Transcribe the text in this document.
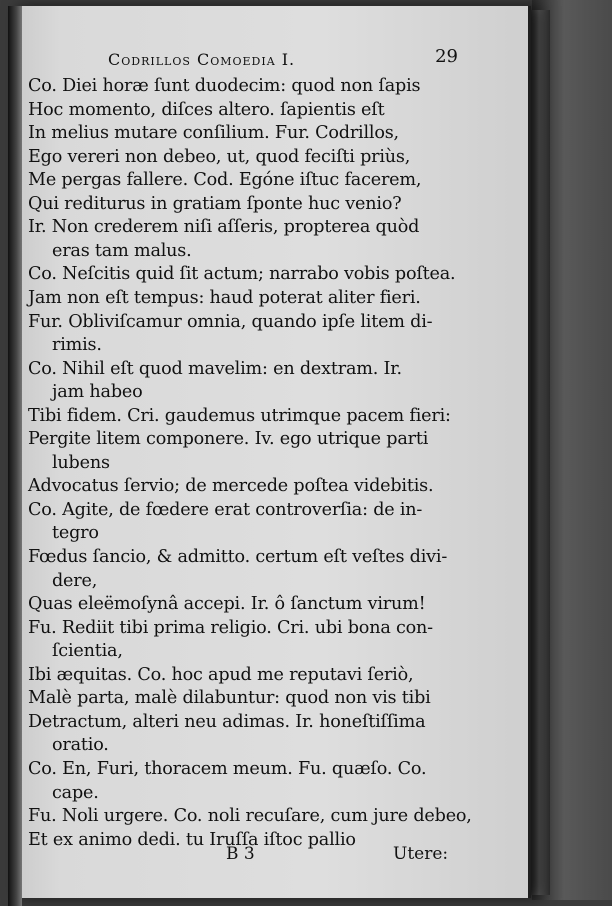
Codrillos Comoedia I.	29
Co. Diei horæ ſunt duodecim: quod non ſapis
Hoc momento, diſces altero. ſapientis eſt
In melius mutare conſilium. Fur. Codrillos,
Ego vereri non debeo, ut, quod feciſti priùs,
Me pergas fallere. Cod. Egóne iſtuc facerem,
Qui rediturus in gratiam ſponte huc venio?
Ir. Non crederem niſi aſſeris, propterea quòd
eras tam malus.
Co. Neſcitis quid ſit actum; narrabo vobis poſtea.
Jam non eſt tempus: haud poterat aliter fieri.
Fur. Obliviſcamur omnia, quando ipſe litem di-
rimis.
Co. Nihil eſt quod mavelim: en dextram. Ir.
jam habeo
Tibi fidem. Cri. gaudemus utrimque pacem fieri:
Pergite litem componere. Iv. ego utrique parti
lubens
Advocatus ſervio; de mercede poſtea videbitis.
Co. Agite, de fœdere erat controverſia: de in-
tegro
Fœdus ſancio, & admitto. certum eſt veſtes divi-
dere,
Quas eleëmoſynâ accepi. Ir. ô ſanctum virum!
Fu. Rediit tibi prima religio. Cri. ubi bona con-
ſcientia,
Ibi æquitas. Co. hoc apud me reputavi ſeriò,
Malè parta, malè dilabuntur: quod non vis tibi
Detractum, alteri neu adimas. Ir. honeſtiſſima
oratio.
Co. En, Furi, thoracem meum. Fu. quæſo. Co.
cape.
Fu. Noli urgere. Co. noli recuſare, cum jure debeo,
Et ex animo dedi. tu Iruſſa iſtoc pallio
B 3	Utere:
